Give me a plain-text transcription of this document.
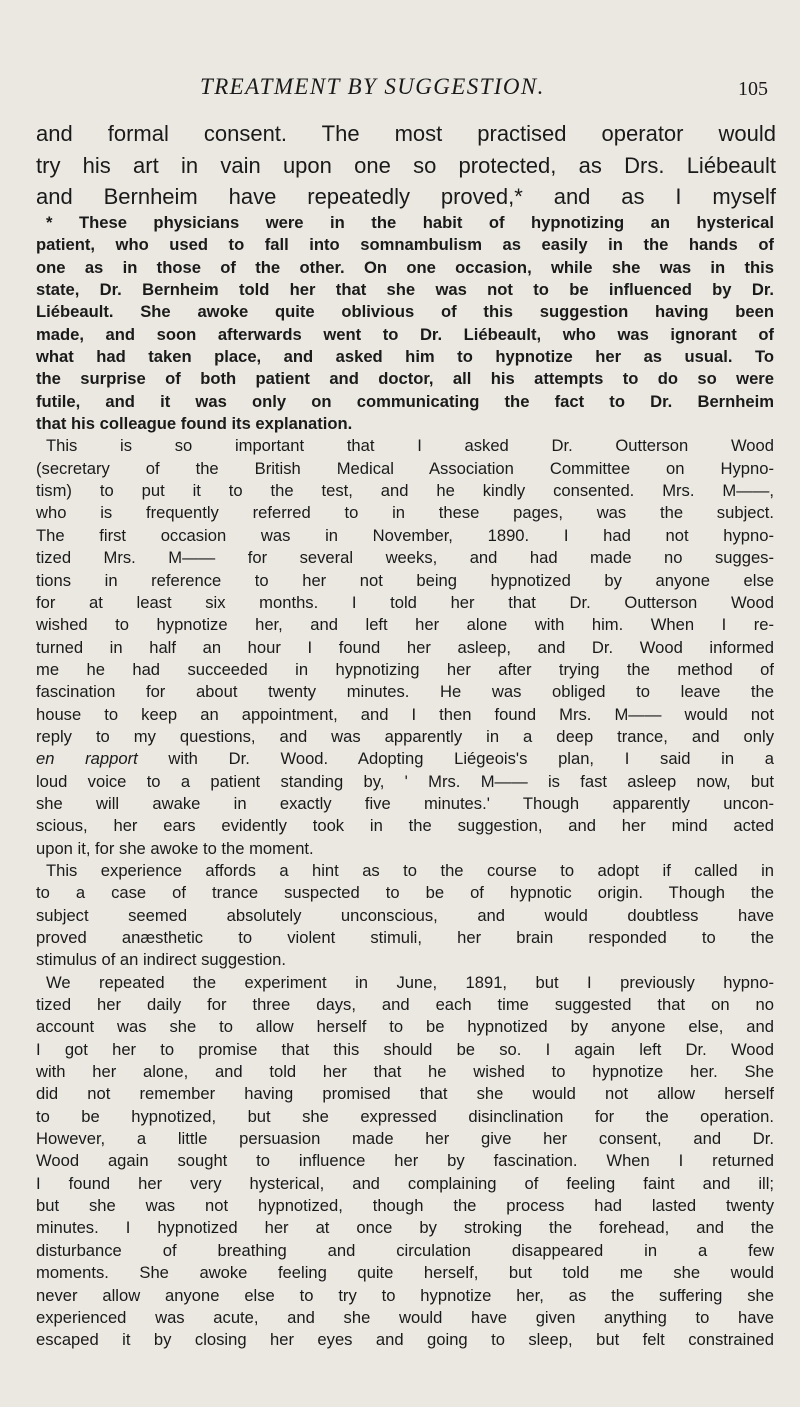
TREATMENT BY SUGGESTION.	105
and formal consent. The most practised operator would
try his art in vain upon one so protected, as Drs. Liébeault
and Bernheim have repeatedly proved,* and as I myself
* These physicians were in the habit of hypnotizing an hysterical
patient, who used to fall into somnambulism as easily in the hands of
one as in those of the other. On one occasion, while she was in this
state, Dr. Bernheim told her that she was not to be influenced by Dr.
Liébeault. She awoke quite oblivious of this suggestion having been
made, and soon afterwards went to Dr. Liébeault, who was ignorant of
what had taken place, and asked him to hypnotize her as usual. To
the surprise of both patient and doctor, all his attempts to do so were
futile, and it was only on communicating the fact to Dr. Bernheim
that his colleague found its explanation.
This is so important that I asked Dr. Outterson Wood
(secretary of the British Medical Association Committee on Hypno-
tism) to put it to the test, and he kindly consented. Mrs. M——,
who is frequently referred to in these pages, was the subject.
The first occasion was in November, 1890. I had not hypno-
tized Mrs. M—— for several weeks, and had made no sugges-
tions in reference to her not being hypnotized by anyone else
for at least six months. I told her that Dr. Outterson Wood
wished to hypnotize her, and left her alone with him. When I re-
turned in half an hour I found her asleep, and Dr. Wood informed
me he had succeeded in hypnotizing her after trying the method of
fascination for about twenty minutes. He was obliged to leave the
house to keep an appointment, and I then found Mrs. M—— would not
reply to my questions, and was apparently in a deep trance, and only
en rapport with Dr. Wood. Adopting Liégeois's plan, I said in a
loud voice to a patient standing by, ' Mrs. M—— is fast asleep now, but
she will awake in exactly five minutes.' Though apparently uncon-
scious, her ears evidently took in the suggestion, and her mind acted
upon it, for she awoke to the moment.
This experience affords a hint as to the course to adopt if called in
to a case of trance suspected to be of hypnotic origin. Though the
subject seemed absolutely unconscious, and would doubtless have
proved anæsthetic to violent stimuli, her brain responded to the
stimulus of an indirect suggestion.
We repeated the experiment in June, 1891, but I previously hypno-
tized her daily for three days, and each time suggested that on no
account was she to allow herself to be hypnotized by anyone else, and
I got her to promise that this should be so. I again left Dr. Wood
with her alone, and told her that he wished to hypnotize her. She
did not remember having promised that she would not allow herself
to be hypnotized, but she expressed disinclination for the operation.
However, a little persuasion made her give her consent, and Dr.
Wood again sought to influence her by fascination. When I returned
I found her very hysterical, and complaining of feeling faint and ill;
but she was not hypnotized, though the process had lasted twenty
minutes. I hypnotized her at once by stroking the forehead, and the
disturbance of breathing and circulation disappeared in a few
moments. She awoke feeling quite herself, but told me she would
never allow anyone else to try to hypnotize her, as the suffering she
experienced was acute, and she would have given anything to have
escaped it by closing her eyes and going to sleep, but felt constrained
